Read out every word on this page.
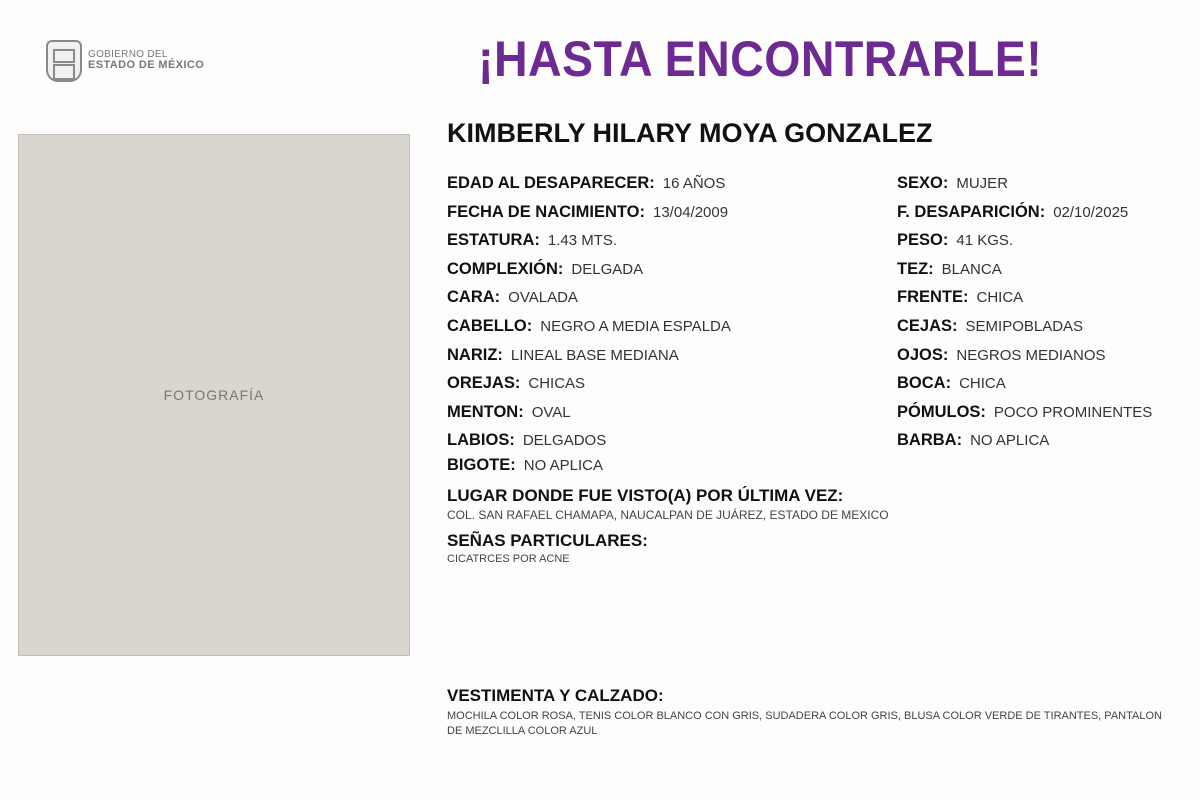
GOBIERNO DEL
ESTADO DE MÉXICO	¡HASTA ENCONTRARLE!
FOTOGRAFÍA
KIMBERLY HILARY MOYA GONZALEZ
EDAD AL DESAPARECER: 16 AÑOS
FECHA DE NACIMIENTO: 13/04/2009
ESTATURA: 1.43 MTS.
COMPLEXIÓN: DELGADA
CARA: OVALADA
CABELLO: NEGRO A MEDIA ESPALDA
NARIZ: LINEAL BASE MEDIANA
OREJAS: CHICAS
MENTON: OVAL
LABIOS: DELGADOS
BIGOTE: NO APLICA
SEXO: MUJER
F. DESAPARICIÓN: 02/10/2025
PESO: 41 KGS.
TEZ: BLANCA
FRENTE: CHICA
CEJAS: SEMIPOBLADAS
OJOS: NEGROS MEDIANOS
BOCA: CHICA
PÓMULOS: POCO PROMINENTES
BARBA: NO APLICA
LUGAR DONDE FUE VISTO(A) POR ÚLTIMA VEZ:
COL. SAN RAFAEL CHAMAPA, NAUCALPAN DE JUÁREZ, ESTADO DE MEXICO
SEÑAS PARTICULARES:
CICATRCES POR ACNE
VESTIMENTA Y CALZADO:
MOCHILA COLOR ROSA, TENIS COLOR BLANCO CON GRIS, SUDADERA COLOR GRIS, BLUSA COLOR VERDE DE TIRANTES, PANTALON DE MEZCLILLA COLOR AZUL
